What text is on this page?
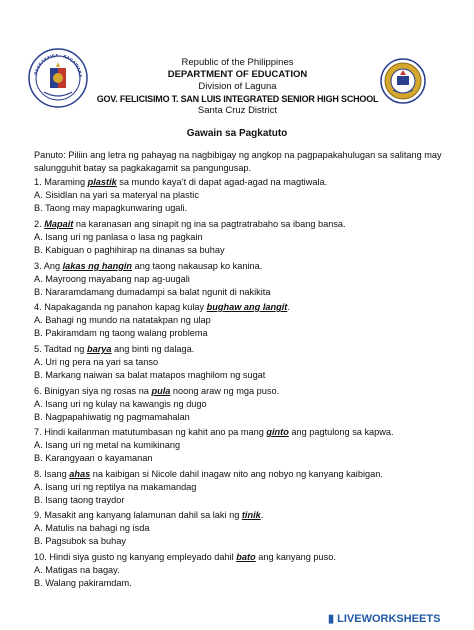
PAGKAKAISA · KAGAWARA
Republic of the Philippines
DEPARTMENT OF EDUCATION
Division of Laguna
GOV. FELICISIMO T. SAN LUIS INTEGRATED SENIOR HIGH SCHOOL
Santa Cruz District
Gawain sa Pagkatuto
Panuto: Piliin ang letra ng pahayag na nagbibigay ng angkop na pagpapakahulugan sa salitang may salungguhit batay sa pagkakagamit sa pangungusap.
1. Maraming plastik sa mundo kaya’t di dapat agad-agad na magtiwala.
A. Sisidlan na yari sa materyal na plastic
B. Taong may mapagkunwaring ugali.
2. Mapait na karanasan ang sinapit ng ina sa pagtratrabaho sa ibang bansa.
A. Isang uri ng panlasa o lasa ng pagkain
B. Kabiguan o paghihirap na dinanas sa buhay
3. Ang lakas ng hangin ang taong nakausap ko kanina.
A. Mayroong mayabang nap ag-uugali
B. Nararamdamang dumadampi sa balat ngunit di nakikita
4. Napakaganda ng panahon kapag kulay bughaw ang langit.
A. Bahagi ng mundo na natatakpan ng ulap
B. Pakiramdam ng taong walang problema
5. Tadtad ng barya ang binti ng dalaga.
A. Uri ng pera na yari sa tanso
B. Markang naiwan sa balat matapos maghilom ng sugat
6. Binigyan siya ng rosas na pula noong araw ng mga puso.
A. Isang uri ng kulay na kawangis ng dugo
B. Nagpapahiwatig ng pagmamahalan
7. Hindi kailanman matutumbasan ng kahit ano pa mang ginto ang pagtulong sa kapwa.
A. Isang uri ng metal na kumikinang
B. Karangyaan o kayamanan
8. Isang ahas na kaibigan si Nicole dahil inagaw nito ang nobyo ng kanyang kaibigan.
A. Isang uri ng reptilya na makamandag
B. Isang taong traydor
9. Masakit ang kanyang lalamunan dahil sa laki ng tinik.
A. Matulis na bahagi ng isda
B. Pagsubok sa buhay
10. Hindi siya gusto ng kanyang empleyado dahil bato ang kanyang puso.
A. Matigas na bagay.
B. Walang pakiramdam.
▮ LIVEWORKSHEETS
